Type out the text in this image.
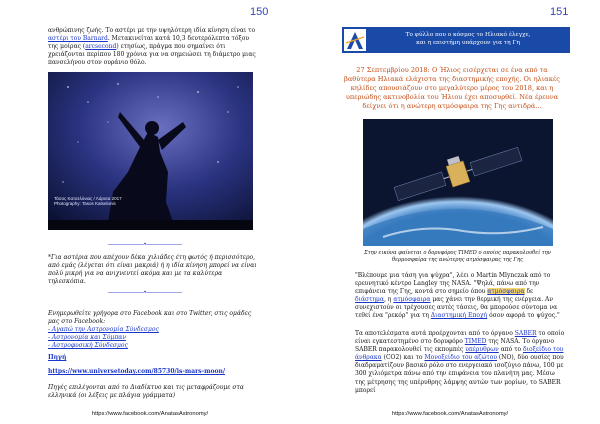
150
ανθρώπινης ζωής. Το αστέρι με την υψηλότερη ιδία κίνηση είναι το αστέρι του Barnard. Μετακινείται κατά 10,3 δευτερόλεπτα τόξου της μοίρας (arcsecond) ετησίως, πράγμα που σημαίνει ότι χρειάζονται περίπου 180 χρόνια για να σημειώσει τη διάμετρο μιας πανσελήνου στον ουράνιο θόλο.
Τάσος Κατσελόνιας / Λάρισα 2017
Photography: Tasos Katselonis
——————•——————
*Για αστέρια που απέχουν δέκα χιλιάδες έτη φωτός ή περισσότερο, από εμάς (λέγεται ότι είναι μακριά) ή η ιδία κίνηση μπορεί να είναι πολύ μικρή για να ανιχνευτεί ακόμα και με τα καλύτερα τηλεσκόπια.
——————•——————
Ενημερωθείτε γρήγορα στο Facebook και στο Twitter, στις ομάδες μας στο Facebook:
- Αγαπώ την Αστρονομία Σύνδεσμος
- Αστρονομία και Σύμπαν
- Αστροφυσική Σύνδεσμος
Πηγή
https://www.universetoday.com/85730/is-mars-moon/
Πηγές επιλέγονται από το Διαδίκτυο και τις μεταφράζουμε στα ελληνικά (οι λέξεις με πλάγια γράμματα)
https://www.facebook.com/AnatasAstronomy/
151
Το φύλλο που ο κόσμος το Ηλιακό έλεγχε,
και η επιστήμη υπάρχουν για τη Γη
27 Σεπτεμβρίου 2018: Ο Ήλιος εισέρχεται σε ένα από τα βαθύτερα Ηλιακά ελάχιστα της διαστημικής εποχής. Οι ηλιακές κηλίδες απουσιάζουν στο μεγαλύτερο μέρος του 2018, και η υπεριώδης ακτινοβολία του Ήλιου έχει αποσυρθεί. Νέα έρευνα δείχνει ότι η ανώτερη ατμόσφαιρα της Γης αντιδρά...
Στην εικόνα φαίνεται ο δορυφόρος TIMED ο οποίος παρακολουθεί την θερμοσφαίρα της ανώτερης ατμόσφαιρας της Γης
"Βλέπουμε μια τάση για ψύχρα", λέει ο Martin Mlynczak από το ερευνητικό κέντρο Langley της NASA. "Ψηλά, πάνω από την επιφάνεια της Γης, κοντά στο σημείο όπου ατμόσφαιρα δε διάστημα, η ατμόσφαιρα μας χάνει την θερμική της ενέργεια. Αν συνεχιστούν οι τρέχουσες αυτές τάσεις, θα μπορούσε σύντομα να τεθεί ένα "ρεκόρ" για τη Διαστημική Εποχή όσον αφορά το ψύχος."
Τα αποτελέσματα αυτά προέρχονται από το όργανο SABER το οποίο είναι εγκατεστημένο στο δορυφόρο TIMED της NASA. Το όργανο SABER παρακολουθεί τις εκπομπές υπέρυθρων από το διοξείδιο του άνθρακα (CO2) και το Μονοξείδιο του αζώτου (NO), δύο ουσίες που διαδραματίζουν βασικό ρόλο στο ενεργειακό ισοζύγιο πάνω, 100 με 300 χιλιόμετρα πάνω από την επιφάνεια του πλανήτη μας. Μέσω της μέτρησης της υπέρυθρης λάμψης αυτών των μορίων, το SABER μπορεί
https://www.facebook.com/AnatasAstronomy/
